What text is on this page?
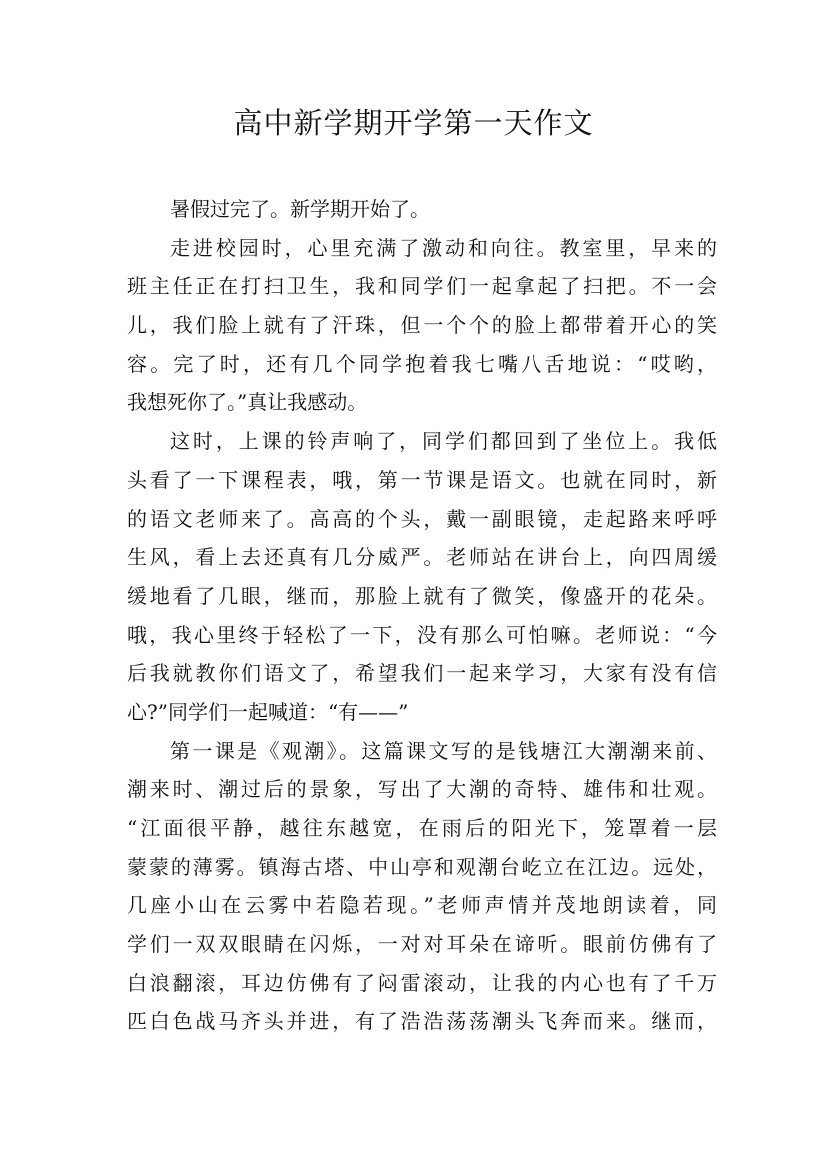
高中新学期开学第一天作文
暑假过完了。新学期开始了。
走进校园时，心里充满了激动和向往。教室里，早来的
班主任正在打扫卫生，我和同学们一起拿起了扫把。不一会
儿，我们脸上就有了汗珠，但一个个的脸上都带着开心的笑
容。完了时，还有几个同学抱着我七嘴八舌地说：“哎哟，
我想死你了。”真让我感动。
这时，上课的铃声响了，同学们都回到了坐位上。我低
头看了一下课程表，哦，第一节课是语文。也就在同时，新
的语文老师来了。高高的个头，戴一副眼镜，走起路来呼呼
生风，看上去还真有几分威严。老师站在讲台上，向四周缓
缓地看了几眼，继而，那脸上就有了微笑，像盛开的花朵。
哦，我心里终于轻松了一下，没有那么可怕嘛。老师说：“今
后我就教你们语文了，希望我们一起来学习，大家有没有信
心?”同学们一起喊道：“有——”
第一课是《观潮》。这篇课文写的是钱塘江大潮潮来前、
潮来时、潮过后的景象，写出了大潮的奇特、雄伟和壮观。
“江面很平静，越往东越宽，在雨后的阳光下，笼罩着一层
蒙蒙的薄雾。镇海古塔、中山亭和观潮台屹立在江边。远处，
几座小山在云雾中若隐若现。”老师声情并茂地朗读着，同
学们一双双眼睛在闪烁，一对对耳朵在谛听。眼前仿佛有了
白浪翻滚，耳边仿佛有了闷雷滚动，让我的内心也有了千万
匹白色战马齐头并进，有了浩浩荡荡潮头飞奔而来。继而，
